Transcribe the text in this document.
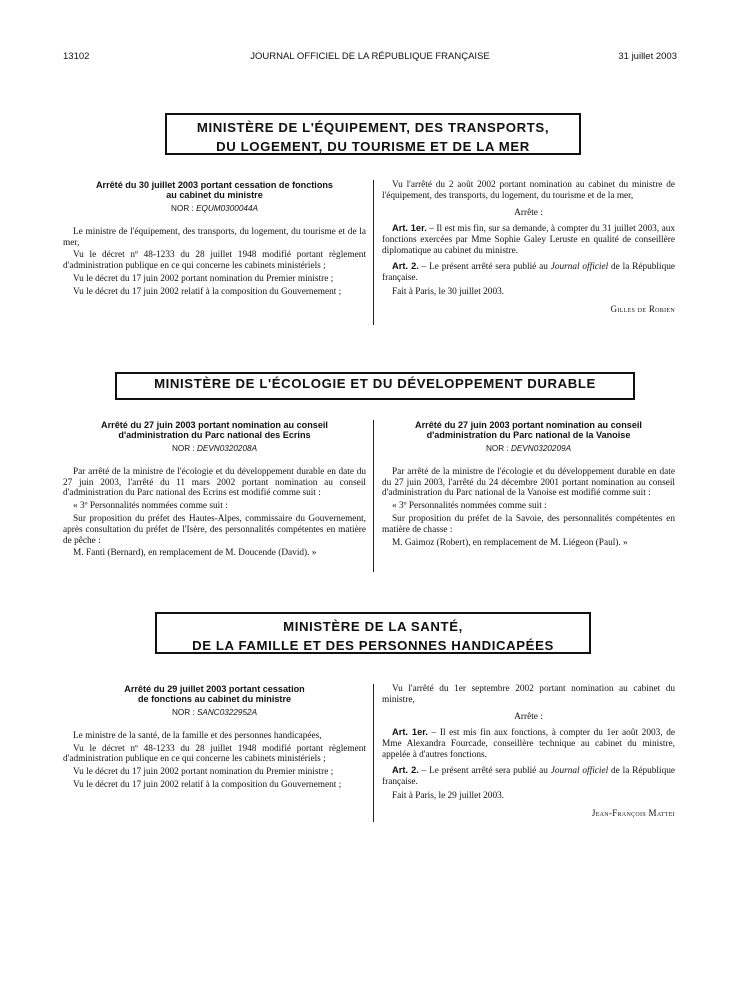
13102	JOURNAL OFFICIEL DE LA RÉPUBLIQUE FRANÇAISE	31 juillet 2003
MINISTÈRE DE L'ÉQUIPEMENT, DES TRANSPORTS,
DU LOGEMENT, DU TOURISME ET DE LA MER
Arrêté du 30 juillet 2003 portant cessation de fonctions
au cabinet du ministre
NOR : EQUM0300044A

Le ministre de l'équipement, des transports, du logement, du tourisme et de la mer,

Vu le décret nº 48-1233 du 28 juillet 1948 modifié portant règlement d'administration publique en ce qui concerne les cabinets ministériels ;

Vu le décret du 17 juin 2002 portant nomination du Premier ministre ;

Vu le décret du 17 juin 2002 relatif à la composition du Gouvernement ;

Vu l'arrêté du 2 août 2002 portant nomination au cabinet du ministre de l'équipement, des transports, du logement, du tourisme et de la mer,

Arrête :

Art. 1er. – Il est mis fin, sur sa demande, à compter du 31 juillet 2003, aux fonctions exercées par Mme Sophie Galey Leruste en qualité de conseillère diplomatique au cabinet du ministre.

Art. 2. – Le présent arrêté sera publié au Journal officiel de la République française.

Fait à Paris, le 30 juillet 2003.

Gilles de Robien
MINISTÈRE DE L'ÉCOLOGIE ET DU DÉVELOPPEMENT DURABLE
Arrêté du 27 juin 2003 portant nomination au conseil
d'administration du Parc national des Ecrins
NOR : DEVN0320208A

Par arrêté de la ministre de l'écologie et du développement durable en date du 27 juin 2003, l'arrêté du 11 mars 2002 portant nomination au conseil d'administration du Parc national des Ecrins est modifié comme suit :

« 3º Personnalités nommées comme suit :

Sur proposition du préfet des Hautes-Alpes, commissaire du Gouvernement, après consultation du préfet de l'Isère, des personnalités compétentes en matière de pêche :

M. Fanti (Bernard), en remplacement de M. Doucende (David). »

Arrêté du 27 juin 2003 portant nomination au conseil
d'administration du Parc national de la Vanoise
NOR : DEVN0320209A

Par arrêté de la ministre de l'écologie et du développement durable en date du 27 juin 2003, l'arrêté du 24 décembre 2001 portant nomination au conseil d'administration du Parc national de la Vanoise est modifié comme suit :

« 3º Personnalités nommées comme suit :

Sur proposition du préfet de la Savoie, des personnalités compétentes en matière de chasse :

M. Gaimoz (Robert), en remplacement de M. Liégeon (Paul). »

MINISTÈRE DE LA SANTÉ,
DE LA FAMILLE ET DES PERSONNES HANDICAPÉES
Arrêté du 29 juillet 2003 portant cessation
de fonctions au cabinet du ministre
NOR : SANC0322952A

Le ministre de la santé, de la famille et des personnes handicapées,

Vu le décret nº 48-1233 du 28 juillet 1948 modifié portant règlement d'administration publique en ce qui concerne les cabinets ministériels ;

Vu le décret du 17 juin 2002 portant nomination du Premier ministre ;

Vu le décret du 17 juin 2002 relatif à la composition du Gouvernement ;

Vu l'arrêté du 1er septembre 2002 portant nomination au cabinet du ministre,

Arrête :

Art. 1er. – Il est mis fin aux fonctions, à compter du 1er août 2003, de Mme Alexandra Fourcade, conseillère technique au cabinet du ministre, appelée à d'autres fonctions.

Art. 2. – Le présent arrêté sera publié au Journal officiel de la République française.

Fait à Paris, le 29 juillet 2003.

Jean-François Mattei
